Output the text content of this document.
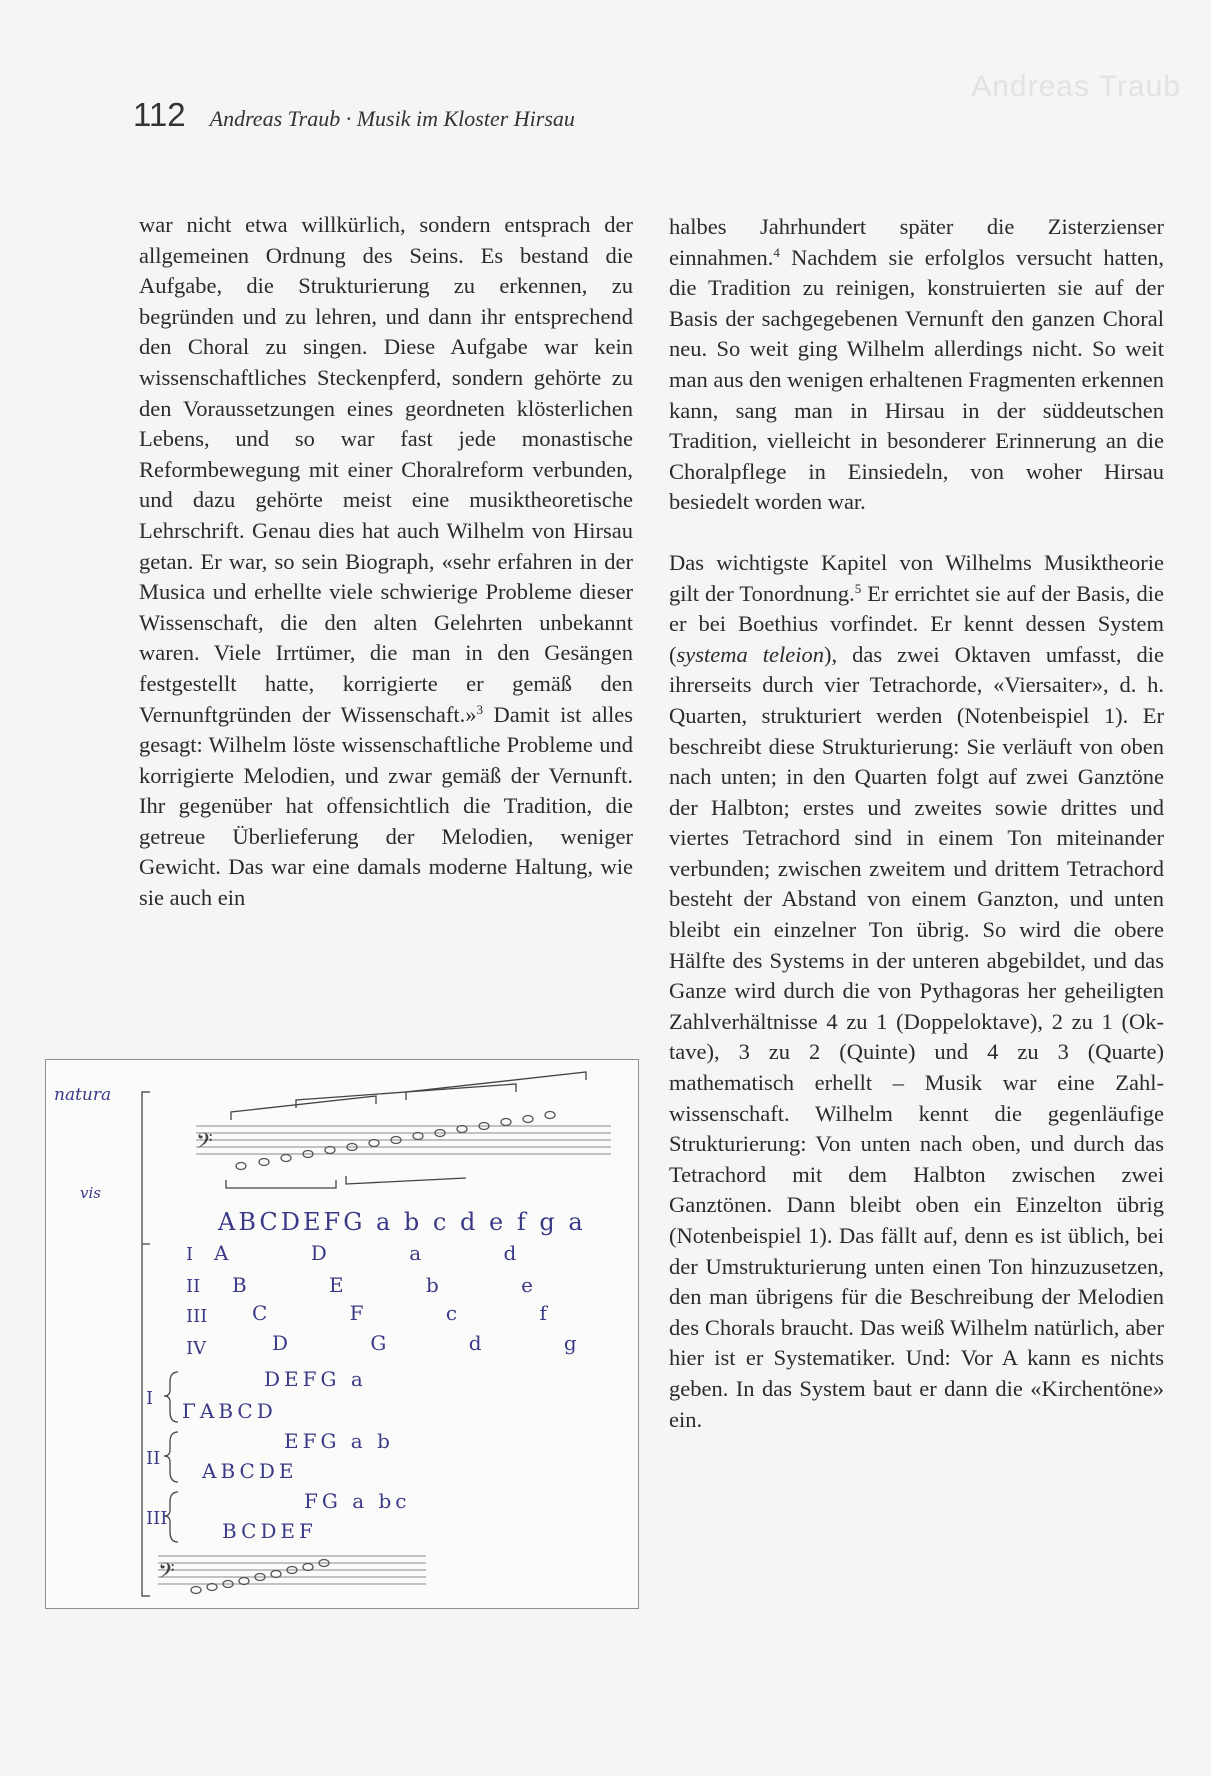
Andreas Traub
112 Andreas Traub · Musik im Kloster Hirsau

war nicht etwa willkürlich, sondern entsprach der allgemeinen Ordnung des Seins. Es bestand die Aufgabe, die Strukturierung zu erkennen, zu begründen und zu lehren, und dann ihr entsprechend den Choral zu singen. Diese Aufgabe war kein wissenschaftliches Steckenpferd, sondern gehörte zu den Voraussetzungen eines geordneten klösterlichen Lebens, und so war fast jede monastische Reformbewegung mit einer Choralreform verbunden, und dazu gehörte meist eine musiktheoretische Lehrschrift. Genau dies hat auch Wilhelm von Hirsau getan. Er war, so sein Biograph, «sehr erfahren in der Musica und erhellte viele schwierige Probleme dieser Wissenschaft, die den alten Gelehrten unbekannt waren. Viele Irrtümer, die man in den Gesängen festgestellt hatte, korrigierte er gemäß den Vernunftgründen der Wissenschaft.»$^3$ Damit ist alles gesagt: Wilhelm löste wissenschaftliche Probleme und korrigierte Melodien, und zwar gemäß der Vernunft. Ihr gegenüber hat offensichtlich die Tradition, die getreue Überlieferung der Melodien, weniger Gewicht. Das war eine damals moderne Haltung, wie sie auch ein

halbes Jahrhundert später die Zisterzienser einnahmen.$^4$ Nachdem sie erfolglos versucht hatten, die Tradition zu reinigen, konstruierten sie auf der Basis der sachgegebenen Vernunft den ganzen Choral neu. So weit ging Wilhelm allerdings nicht. So weit man aus den wenigen erhaltenen Fragmenten erkennen kann, sang man in Hirsau in der süddeutschen Tradition, vielleicht in besonderer Erinnerung an die Choralpflege in Einsiedeln, von woher Hirsau besiedelt worden war.

Das wichtigste Kapitel von Wilhelms Musiktheorie gilt der Tonordnung.$^5$ Er errichtet sie auf der Basis, die er bei Boethius vorfindet. Er kennt dessen System (systema teleion), das zwei Oktaven umfasst, die ihrerseits durch vier Tetrachorde, «Viersaiter», d. h. Quarten, strukturiert werden (Notenbeispiel 1). Er beschreibt diese Strukturierung: Sie verläuft von oben nach unten; in den Quarten folgt auf zwei Ganztöne der Halbton; erstes und zweites sowie drittes und viertes Tetrachord sind in einem Ton miteinander verbunden; zwischen zweitem und drittem Tetrachord besteht der Abstand von einem Ganzton, und unten bleibt ein einzelner Ton übrig. So wird die obere Hälfte des Systems in der unteren abgebildet, und das Ganze wird durch die von Pythagoras her geheiligten Zahlverhältnisse 4 zu 1 (Doppeloktave), 2 zu 1 (Oktave), 3 zu 2 (Quinte) und 4 zu 3 (Quarte) mathematisch erhellt – Musik war eine Zahlwissenschaft. Wilhelm kennt die gegenläufige Strukturierung: Von unten nach oben, und durch das Tetrachord mit dem Halbton zwischen zwei Ganztönen. Dann bleibt oben ein Einzelton übrig (Notenbeispiel 1). Das fällt auf, denn es ist üblich, bei der Umstrukturierung unten einen Ton hinzuzusetzen, den man übrigens für die Beschreibung der Melodien des Chorals braucht. Das weiß Wilhelm natürlich, aber hier ist er Systematiker. Und: Vor A kann es nichts geben. In das System baut er dann die «Kirchentöne» ein.

natura
vis
𝄢
ABCDEFG a b c d e f g a
I A D a d
II B E b e
III C F c f
IV	D G d g
I
DEFG a
ΓABCD
II
EFG a b
ABCDE
III
FG a bc
BCDEF
𝄢
